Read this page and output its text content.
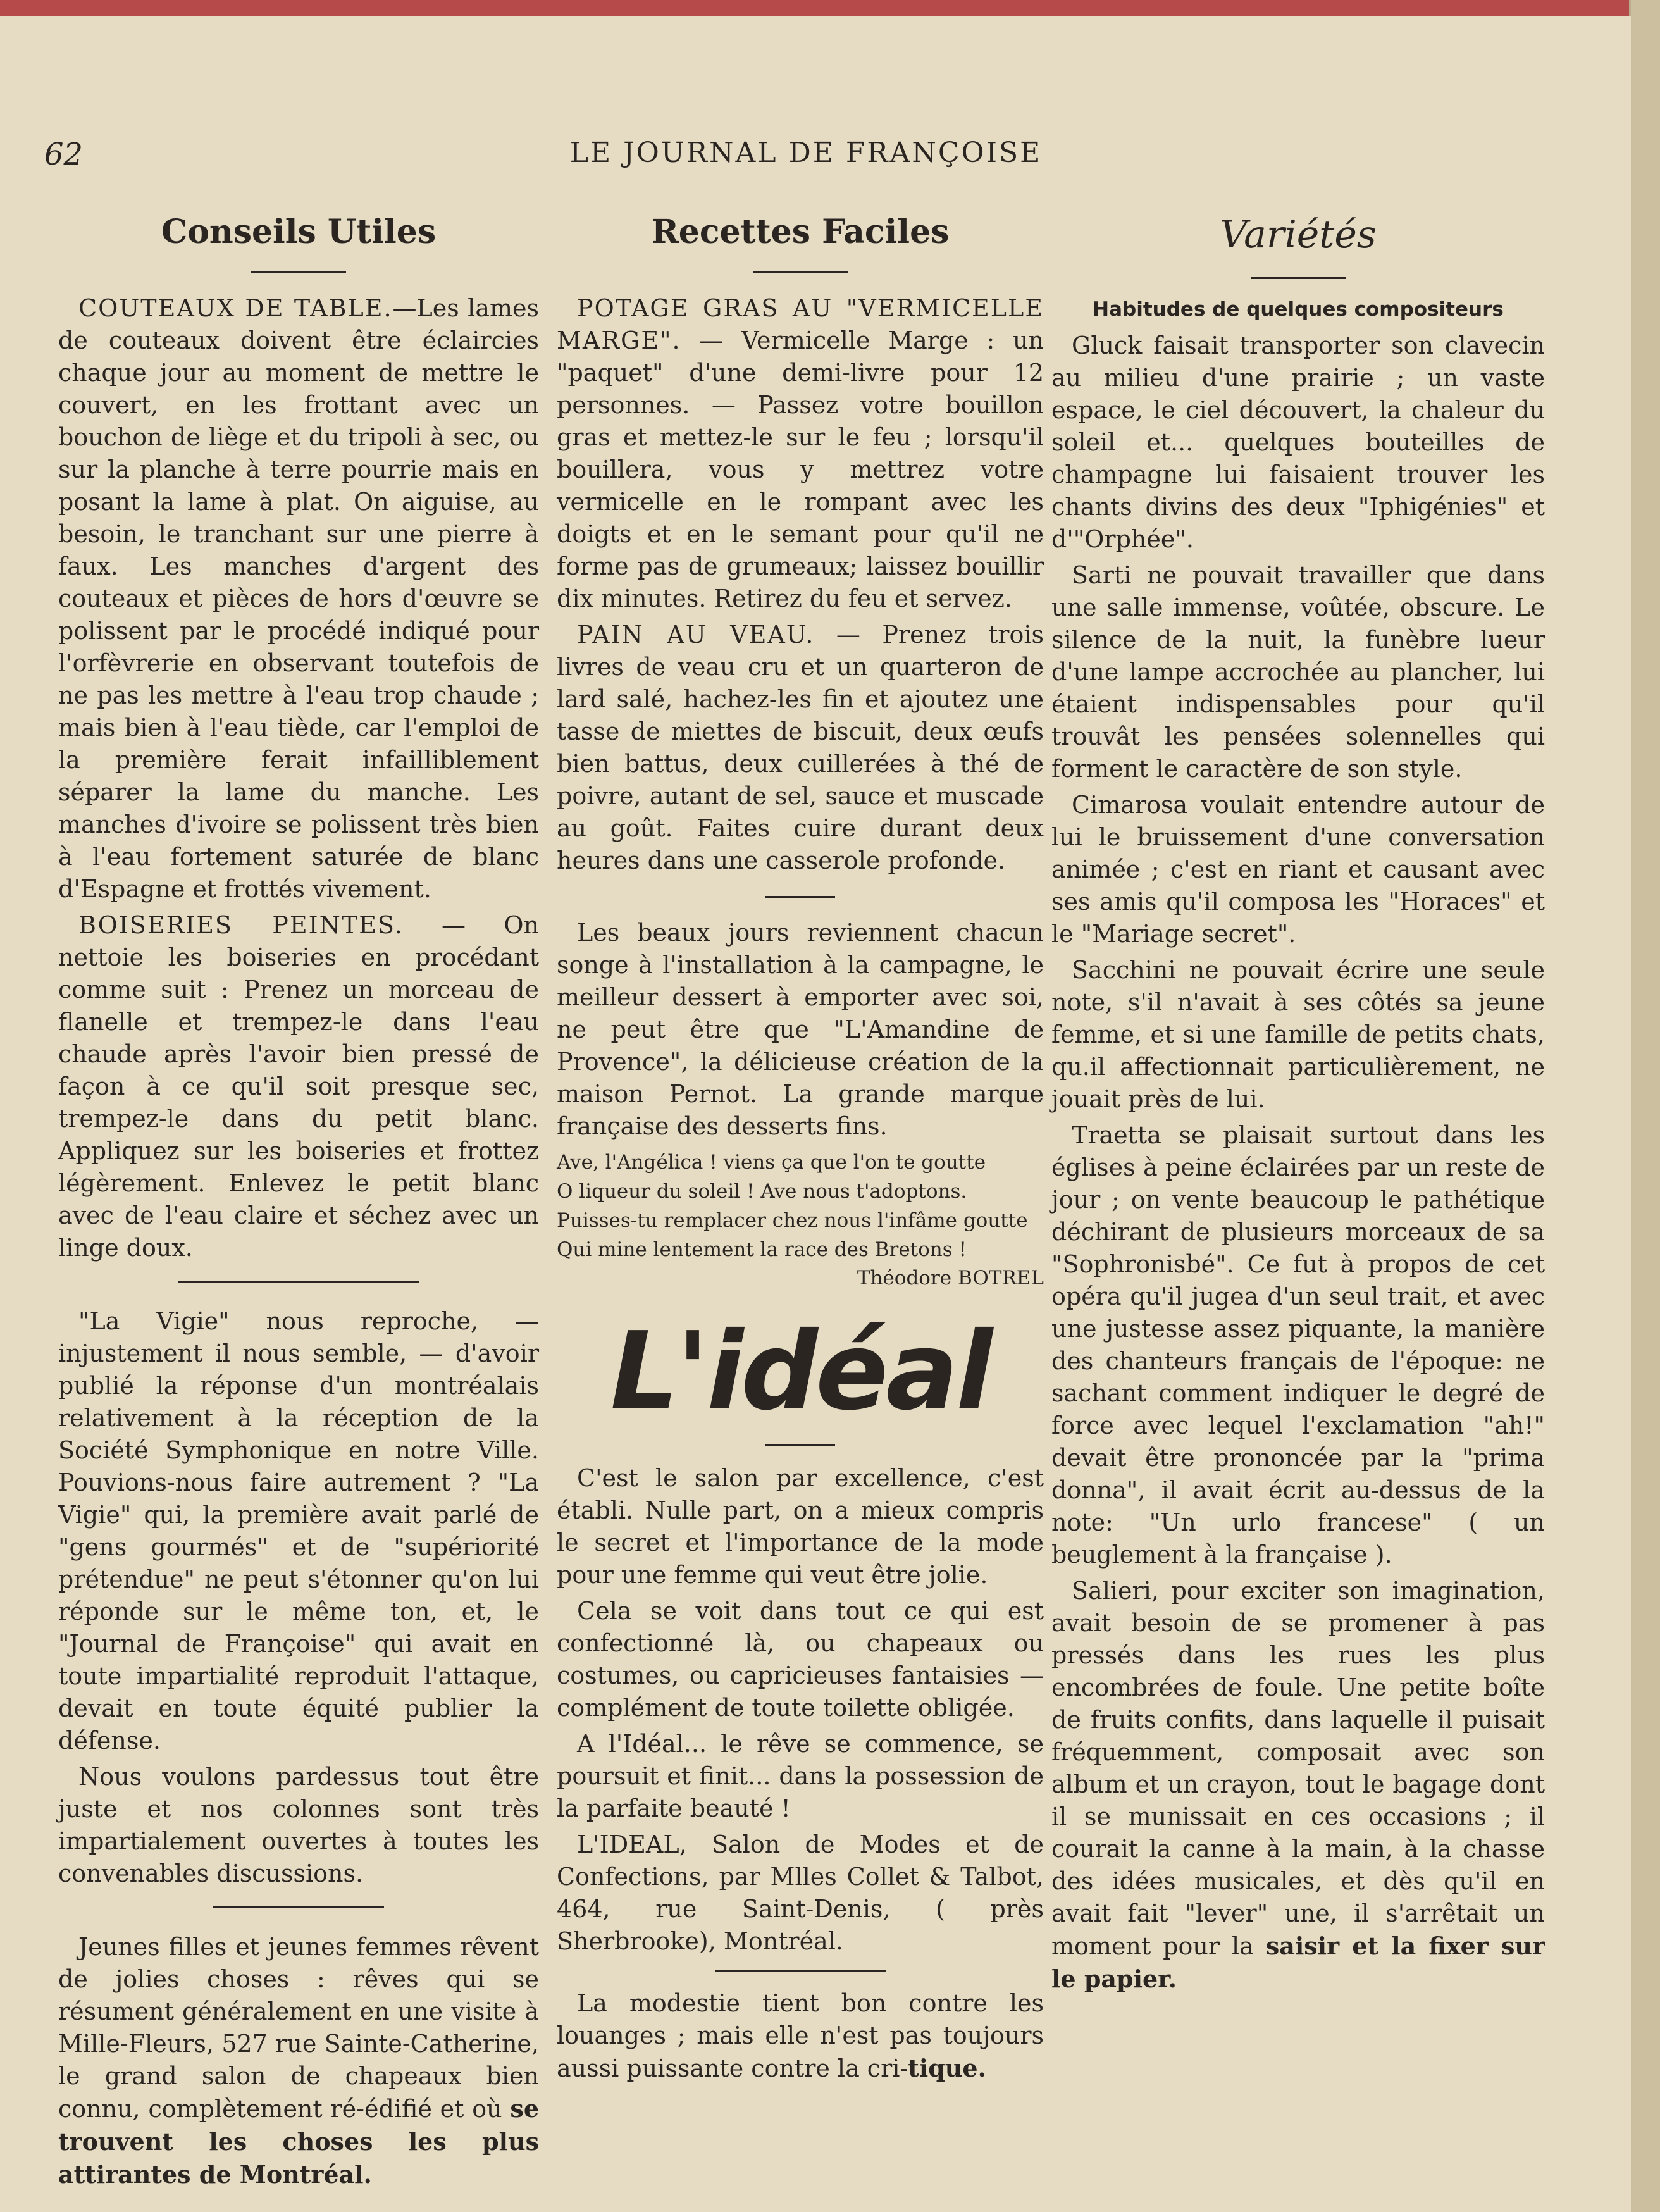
62	LE JOURNAL DE FRANÇOISE
Conseils Utiles

COUTEAUX DE TABLE.—Les lames de couteaux doivent être éclaircies chaque jour au moment de mettre le couvert, en les frottant avec un bouchon de liège et du tripoli à sec, ou sur la planche à terre pourrie mais en posant la lame à plat. On aiguise, au besoin, le tranchant sur une pierre à faux. Les manches d'argent des couteaux et pièces de hors d'œuvre se polissent par le procédé indiqué pour l'orfèvrerie en observant toutefois de ne pas les mettre à l'eau trop chaude ; mais bien à l'eau tiède, car l'emploi de la première ferait infailliblement séparer la lame du manche. Les manches d'ivoire se polissent très bien à l'eau fortement saturée de blanc d'Espagne et frottés vivement.

BOISERIES PEINTES. — On nettoie les boiseries en procédant comme suit : Prenez un morceau de flanelle et trempez-le dans l'eau chaude après l'avoir bien pressé de façon à ce qu'il soit presque sec, trempez-le dans du petit blanc. Appliquez sur les boiseries et frottez légèrement. Enlevez le petit blanc avec de l'eau claire et séchez avec un linge doux.

"La Vigie" nous reproche, — injustement il nous semble, — d'avoir publié la réponse d'un montréalais relativement à la réception de la Société Symphonique en notre Ville. Pouvions-nous faire autrement ? "La Vigie" qui, la première avait parlé de "gens gourmés" et de "supériorité prétendue" ne peut s'étonner qu'on lui réponde sur le même ton, et, le "Journal de Françoise" qui avait en toute impartialité reproduit l'attaque, devait en toute équité publier la défense.

Nous voulons pardessus tout être juste et nos colonnes sont très impartialement ouvertes à toutes les convenables discussions.

Jeunes filles et jeunes femmes rêvent de jolies choses : rêves qui se résument généralement en une visite à Mille-Fleurs, 527 rue Sainte-Catherine, le grand salon de chapeaux bien connu, complètement ré-édifié et où se trouvent les choses les plus attirantes de Montréal.

Recettes Faciles

POTAGE GRAS AU "VERMICELLE MARGE". — Vermicelle Marge : un "paquet" d'une demi-livre pour 12 personnes. — Passez votre bouillon gras et mettez-le sur le feu ; lorsqu'il bouillera, vous y mettrez votre vermicelle en le rompant avec les doigts et en le semant pour qu'il ne forme pas de grumeaux; laissez bouillir dix minutes. Retirez du feu et servez.

PAIN AU VEAU. — Prenez trois livres de veau cru et un quarteron de lard salé, hachez-les fin et ajoutez une tasse de miettes de biscuit, deux œufs bien battus, deux cuillerées à thé de poivre, autant de sel, sauce et muscade au goût. Faites cuire durant deux heures dans une casserole profonde.

Les beaux jours reviennent chacun songe à l'installation à la campagne, le meilleur dessert à emporter avec soi, ne peut être que "L'Amandine de Provence", la délicieuse création de la maison Pernot. La grande marque française des desserts fins.

Ave, l'Angélica ! viens ça que l'on te goutte
O liqueur du soleil ! Ave nous t'adoptons.
Puisses-tu remplacer chez nous l'infâme goutte
Qui mine lentement la race des Bretons !
Théodore BOTREL
L'idéal

C'est le salon par excellence, c'est établi. Nulle part, on a mieux compris le secret et l'importance de la mode pour une femme qui veut être jolie.

Cela se voit dans tout ce qui est confectionné là, ou chapeaux ou costumes, ou capricieuses fantaisies — complément de toute toilette obligée.

A l'Idéal... le rêve se commence, se poursuit et finit... dans la possession de la parfaite beauté !

L'IDEAL, Salon de Modes et de Confections, par Mlles Collet & Talbot, 464, rue Saint-Denis, ( près Sherbrooke), Montréal.

La modestie tient bon contre les louanges ; mais elle n'est pas toujours aussi puissante contre la cri-tique.

Variétés
Habitudes de quelques compositeurs

Gluck faisait transporter son clavecin au milieu d'une prairie ; un vaste espace, le ciel découvert, la chaleur du soleil et... quelques bouteilles de champagne lui faisaient trouver les chants divins des deux "Iphigénies" et d'"Orphée".

Sarti ne pouvait travailler que dans une salle immense, voûtée, obscure. Le silence de la nuit, la funèbre lueur d'une lampe accrochée au plancher, lui étaient indispensables pour qu'il trouvât les pensées solennelles qui forment le caractère de son style.

Cimarosa voulait entendre autour de lui le bruissement d'une conversation animée ; c'est en riant et causant avec ses amis qu'il composa les "Horaces" et le "Mariage secret".

Sacchini ne pouvait écrire une seule note, s'il n'avait à ses côtés sa jeune femme, et si une famille de petits chats, qu.il affectionnait particulièrement, ne jouait près de lui.

Traetta se plaisait surtout dans les églises à peine éclairées par un reste de jour ; on vente beaucoup le pathétique déchirant de plusieurs morceaux de sa "Sophronisbé". Ce fut à propos de cet opéra qu'il jugea d'un seul trait, et avec une justesse assez piquante, la manière des chanteurs français de l'époque: ne sachant comment indiquer le degré de force avec lequel l'exclamation "ah!" devait être prononcée par la "prima donna", il avait écrit au-dessus de la note: "Un urlo francese" ( un beuglement à la française ).

Salieri, pour exciter son imagination, avait besoin de se promener à pas pressés dans les rues les plus encombrées de foule. Une petite boîte de fruits confits, dans laquelle il puisait fréquemment, composait avec son album et un crayon, tout le bagage dont il se munissait en ces occasions ; il courait la canne à la main, à la chasse des idées musicales, et dès qu'il en avait fait "lever" une, il s'arrêtait un moment pour la saisir et la fixer sur le papier.
